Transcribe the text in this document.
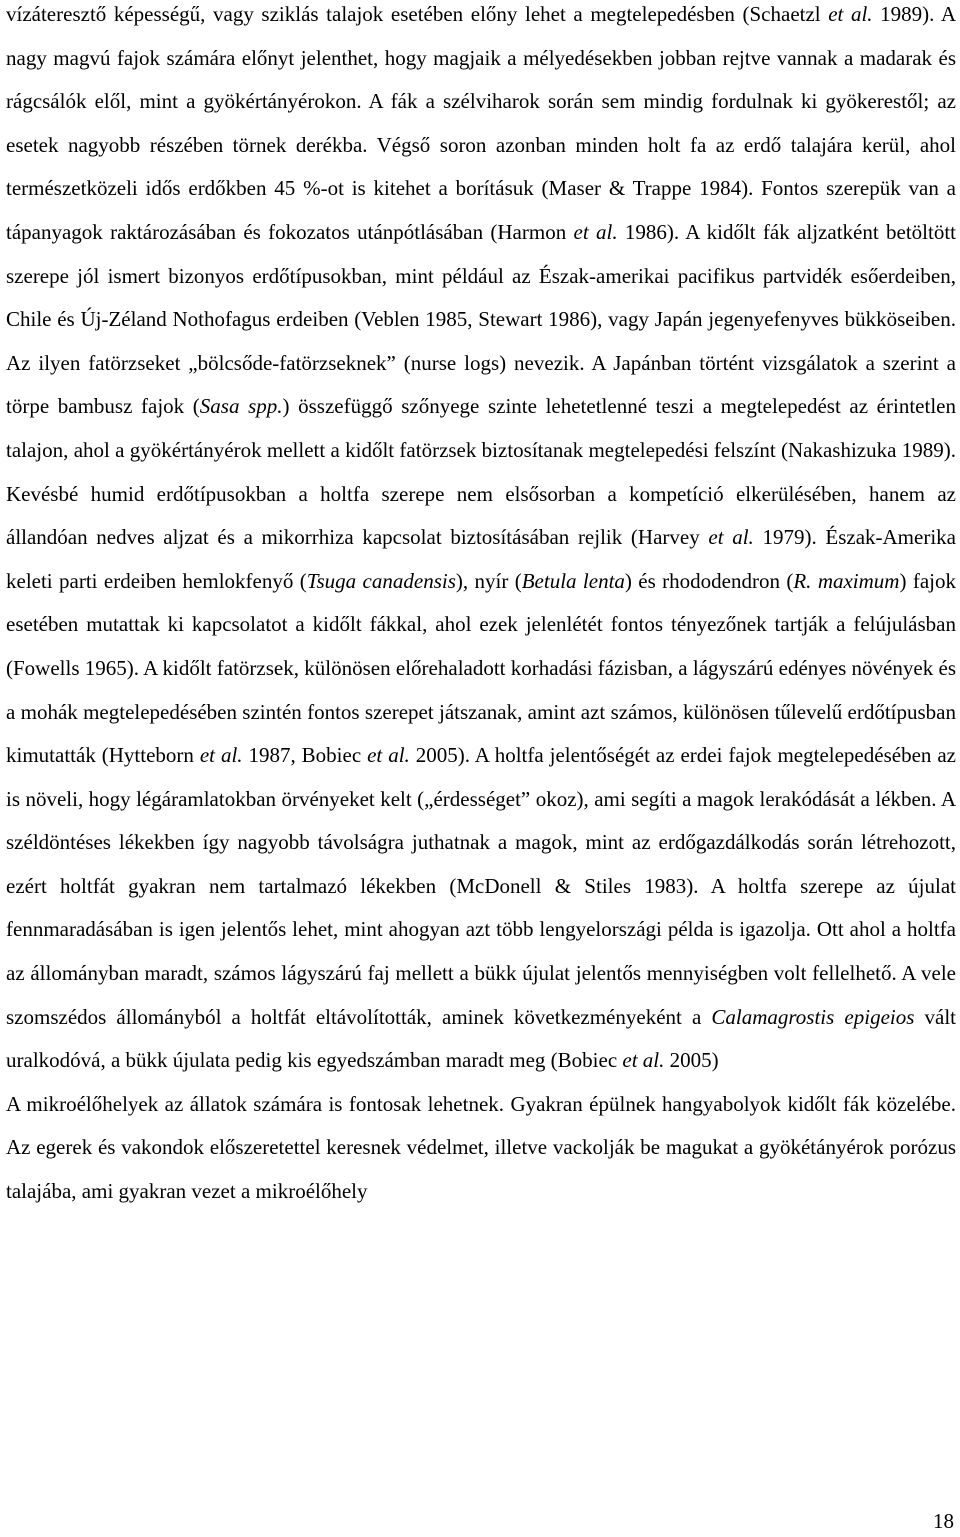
vízáteresztő képességű, vagy sziklás talajok esetében előny lehet a megtelepedésben (Schaetzl et al. 1989). A nagy magvú fajok számára előnyt jelenthet, hogy magjaik a mélyedésekben jobban rejtve vannak a madarak és rágcsálók elől, mint a gyökértányérokon. A fák a szélviharok során sem mindig fordulnak ki gyökerestől; az esetek nagyobb részében törnek derékba. Végső soron azonban minden holt fa az erdő talajára kerül, ahol természetközeli idős erdőkben 45 %-ot is kitehet a borításuk (Maser & Trappe 1984). Fontos szerepük van a tápanyagok raktározásában és fokozatos utánpótlásában (Harmon et al. 1986). A kidőlt fák aljzatként betöltött szerepe jól ismert bizonyos erdőtípusokban, mint például az Észak-amerikai pacifikus partvidék esőerdeiben, Chile és Új-Zéland Nothofagus erdeiben (Veblen 1985, Stewart 1986), vagy Japán jegenyefenyves bükköseiben. Az ilyen fatörzseket „bölcsőde-fatörzseknek” (nurse logs) nevezik. A Japánban történt vizsgálatok a szerint a törpe bambusz fajok (Sasa spp.) összefüggő szőnyege szinte lehetetlenné teszi a megtelepedést az érintetlen talajon, ahol a gyökértányérok mellett a kidőlt fatörzsek biztosítanak megtelepedési felszínt (Nakashizuka 1989). Kevésbé humid erdőtípusokban a holtfa szerepe nem elsősorban a kompetíció elkerülésében, hanem az állandóan nedves aljzat és a mikorrhiza kapcsolat biztosításában rejlik (Harvey et al. 1979). Észak-Amerika keleti parti erdeiben hemlokfenyő (Tsuga canadensis), nyír (Betula lenta) és rhododendron (R. maximum) fajok esetében mutattak ki kapcsolatot a kidőlt fákkal, ahol ezek jelenlétét fontos tényezőnek tartják a felújulásban (Fowells 1965). A kidőlt fatörzsek, különösen előrehaladott korhadási fázisban, a lágyszárú edényes növények és a mohák megtelepedésében szintén fontos szerepet játszanak, amint azt számos, különösen tűlevelű erdőtípusban kimutatták (Hytteborn et al. 1987, Bobiec et al. 2005). A holtfa jelentőségét az erdei fajok megtelepedésében az is növeli, hogy légáramlatokban örvényeket kelt („érdességet” okoz), ami segíti a magok lerakódását a lékben. A széldöntéses lékekben így nagyobb távolságra juthatnak a magok, mint az erdőgazdálkodás során létrehozott, ezért holtfát gyakran nem tartalmazó lékekben (McDonell & Stiles 1983). A holtfa szerepe az újulat fennmaradásában is igen jelentős lehet, mint ahogyan azt több lengyelországi példa is igazolja. Ott ahol a holtfa az állományban maradt, számos lágyszárú faj mellett a bükk újulat jelentős mennyiségben volt fellelhető. A vele szomszédos állományból a holtfát eltávolították, aminek következményeként a Calamagrostis epigeios vált uralkodóvá, a bükk újulata pedig kis egyedszámban maradt meg (Bobiec et al. 2005)

A mikroélőhelyek az állatok számára is fontosak lehetnek. Gyakran épülnek hangyabolyok kidőlt fák közelébe. Az egerek és vakondok előszeretettel keresnek védelmet, illetve vackolják be magukat a gyökétányérok porózus talajába, ami gyakran vezet a mikroélőhely

18
